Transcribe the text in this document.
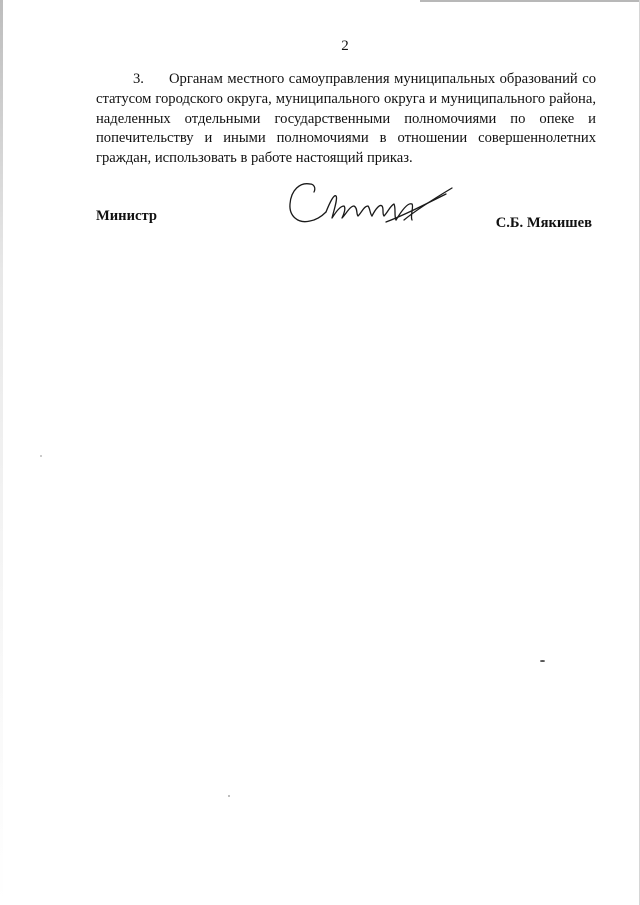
2
3. Органам местного самоуправления муниципальных образований со статусом городского округа, муниципального округа и муниципального района, наделенных отдельными государственными полномочиями по опеке и попечительству и иными полномочиями в отношении совершеннолетних граждан, использовать в работе настоящий приказ.
Министр	С.Б. Мякишев
